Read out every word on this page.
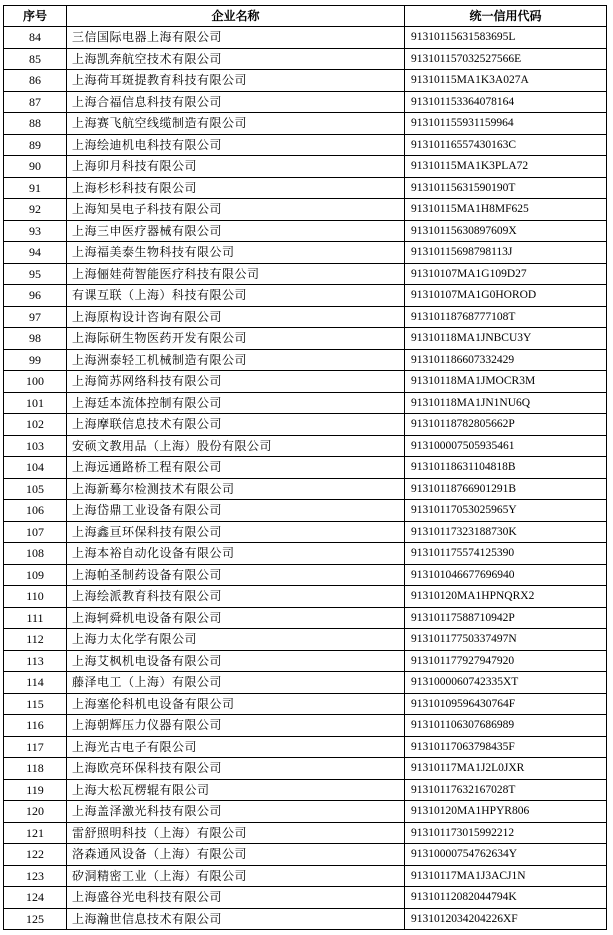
序号	企业名称	统一信用代码
84	三信国际电器上海有限公司	91310115631583695L
85	上海凯奔航空技术有限公司	913101157032527566E
86	上海荷耳斑提教育科技有限公司	91310115MA1K3A027A
87	上海合福信息科技有限公司	913101153364078164
88	上海赛飞航空线缆制造有限公司	913101155931159964
89	上海绘迪机电科技有限公司	91310116557430163C
90	上海卯月科技有限公司	91310115MA1K3PLA72
91	上海杉杉科技有限公司	91310115631590190T
92	上海知昊电子科技有限公司	91310115MA1H8MF625
93	上海三申医疗器械有限公司	91310115630897609X
94	上海福美泰生物科技有限公司	91310115698798113J
95	上海俪娃荷智能医疗科技有限公司	91310107MA1G109D27
96	有课互联（上海）科技有限公司	91310107MA1G0HOROD
97	上海原构设计咨询有限公司	91310118768777108T
98	上海际研生物医药开发有限公司	91310118MA1JNBCU3Y
99	上海洲泰轻工机械制造有限公司	913101186607332429
100	上海简苏网络科技有限公司	91310118MA1JMOCR3M
101	上海廷本流体控制有限公司	91310118MA1JN1NU6Q
102	上海摩联信息技术有限公司	91310118782805662P
103	安硕文教用品（上海）股份有限公司	913100007505935461
104	上海远通路桥工程有限公司	91310118631104818B
105	上海新蓦尔检测技术有限公司	91310118766901291B
106	上海岱鼎工业设备有限公司	91310117053025965Y
107	上海鑫亘环保科技有限公司	91310117323188730K
108	上海本裕自动化设备有限公司	913101175574125390
109	上海帕圣制药设备有限公司	913101046677696940
110	上海绘派教育科技有限公司	91310120MA1HPNQRX2
111	上海轲舜机电设备有限公司	91310117588710942P
112	上海力太化学有限公司	91310117750337497N
113	上海艾枫机电设备有限公司	913101177927947920
114	藤泽电工（上海）有限公司	9131000060742335XT
115	上海塞伦科机电设备有限公司	91310109596430764F
116	上海朝辉压力仪器有限公司	913101106307686989
117	上海光古电子有限公司	91310117063798435F
118	上海欧亮环保科技有限公司	91310117MA1J2L0JXR
119	上海大松瓦楞辊有限公司	91310117632167028T
120	上海盖泽激光科技有限公司	91310120MA1HPYR806
121	雷舒照明科技（上海）有限公司	913101173015992212
122	洛森通风设备（上海）有限公司	91310000754762634Y
123	矽洞精密工业（上海）有限公司	91310117MA1J3ACJ1N
124	上海盛谷光电科技有限公司	91310112082044794K
125	上海瀚世信息技术有限公司	9131012034204226XF
